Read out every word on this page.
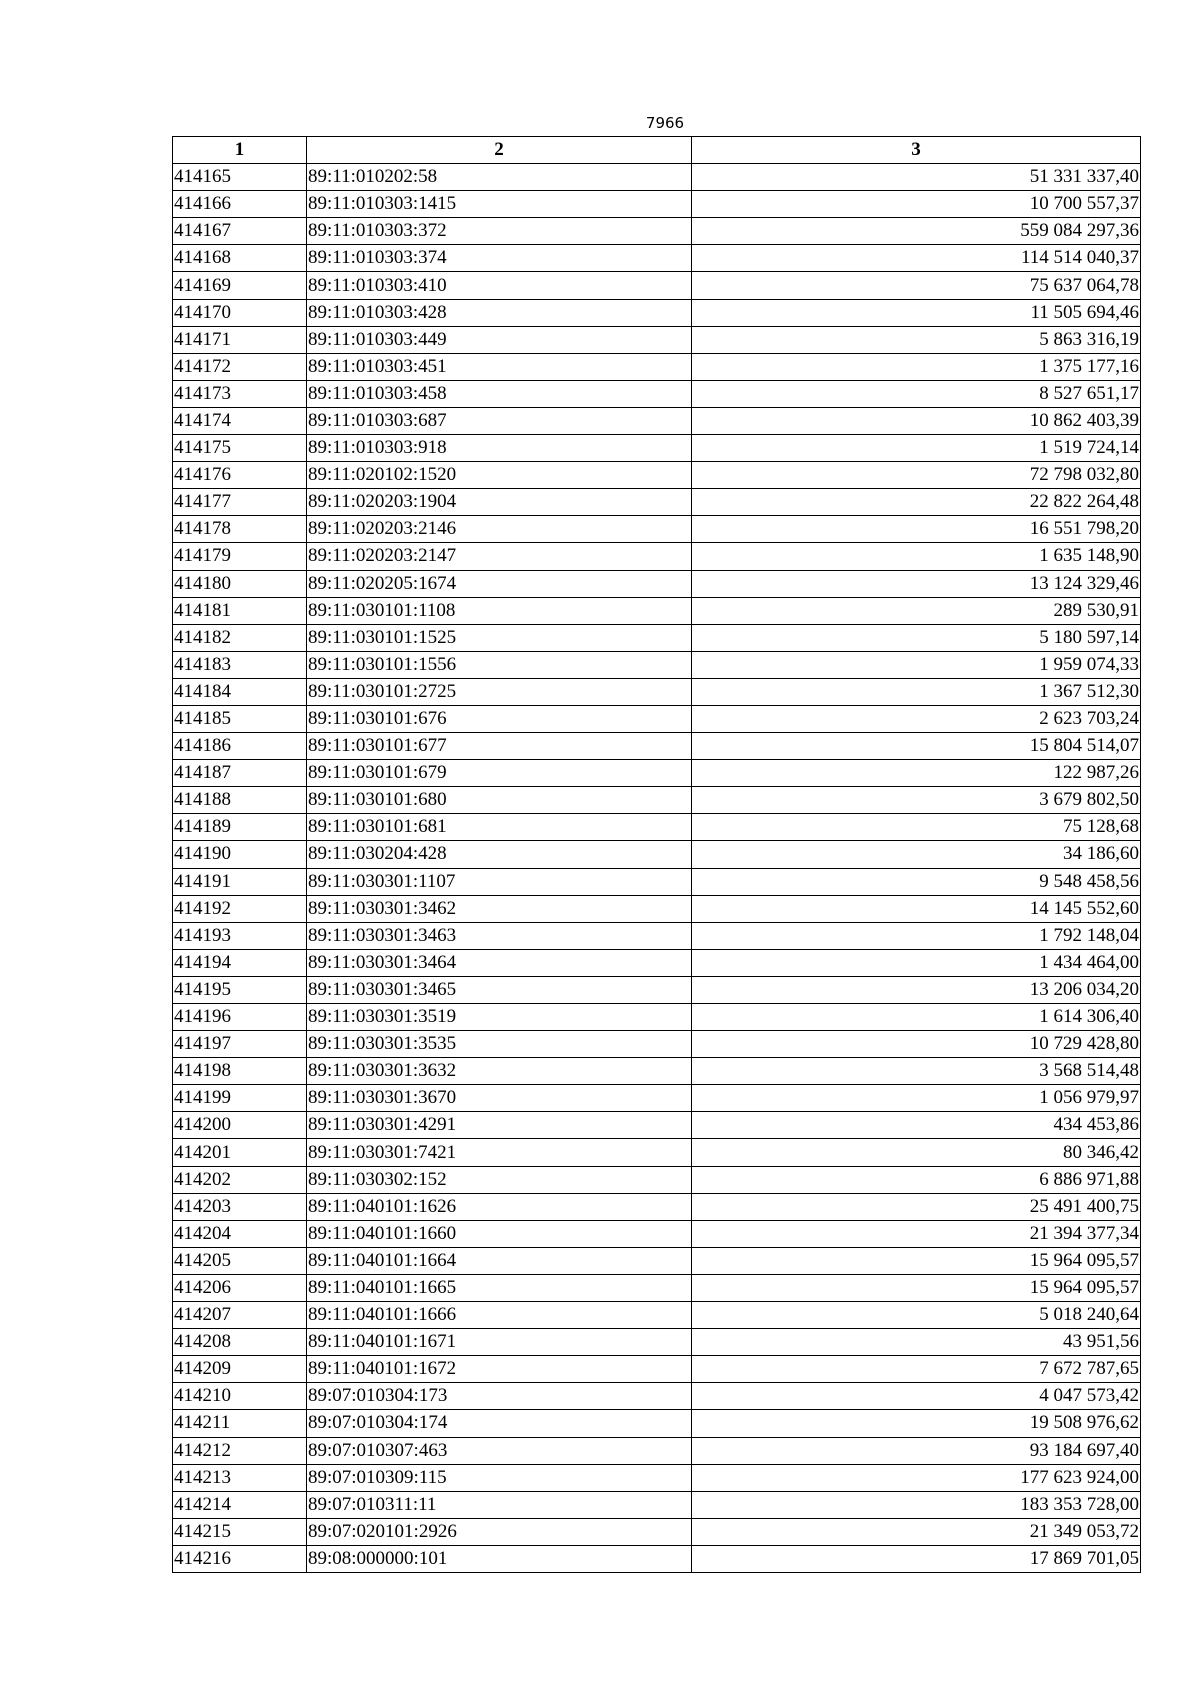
7966
1	2	3
414165	89:11:010202:58	51 331 337,40
414166	89:11:010303:1415	10 700 557,37
414167	89:11:010303:372	559 084 297,36
414168	89:11:010303:374	114 514 040,37
414169	89:11:010303:410	75 637 064,78
414170	89:11:010303:428	11 505 694,46
414171	89:11:010303:449	5 863 316,19
414172	89:11:010303:451	1 375 177,16
414173	89:11:010303:458	8 527 651,17
414174	89:11:010303:687	10 862 403,39
414175	89:11:010303:918	1 519 724,14
414176	89:11:020102:1520	72 798 032,80
414177	89:11:020203:1904	22 822 264,48
414178	89:11:020203:2146	16 551 798,20
414179	89:11:020203:2147	1 635 148,90
414180	89:11:020205:1674	13 124 329,46
414181	89:11:030101:1108	289 530,91
414182	89:11:030101:1525	5 180 597,14
414183	89:11:030101:1556	1 959 074,33
414184	89:11:030101:2725	1 367 512,30
414185	89:11:030101:676	2 623 703,24
414186	89:11:030101:677	15 804 514,07
414187	89:11:030101:679	122 987,26
414188	89:11:030101:680	3 679 802,50
414189	89:11:030101:681	75 128,68
414190	89:11:030204:428	34 186,60
414191	89:11:030301:1107	9 548 458,56
414192	89:11:030301:3462	14 145 552,60
414193	89:11:030301:3463	1 792 148,04
414194	89:11:030301:3464	1 434 464,00
414195	89:11:030301:3465	13 206 034,20
414196	89:11:030301:3519	1 614 306,40
414197	89:11:030301:3535	10 729 428,80
414198	89:11:030301:3632	3 568 514,48
414199	89:11:030301:3670	1 056 979,97
414200	89:11:030301:4291	434 453,86
414201	89:11:030301:7421	80 346,42
414202	89:11:030302:152	6 886 971,88
414203	89:11:040101:1626	25 491 400,75
414204	89:11:040101:1660	21 394 377,34
414205	89:11:040101:1664	15 964 095,57
414206	89:11:040101:1665	15 964 095,57
414207	89:11:040101:1666	5 018 240,64
414208	89:11:040101:1671	43 951,56
414209	89:11:040101:1672	7 672 787,65
414210	89:07:010304:173	4 047 573,42
414211	89:07:010304:174	19 508 976,62
414212	89:07:010307:463	93 184 697,40
414213	89:07:010309:115	177 623 924,00
414214	89:07:010311:11	183 353 728,00
414215	89:07:020101:2926	21 349 053,72
414216	89:08:000000:101	17 869 701,05
